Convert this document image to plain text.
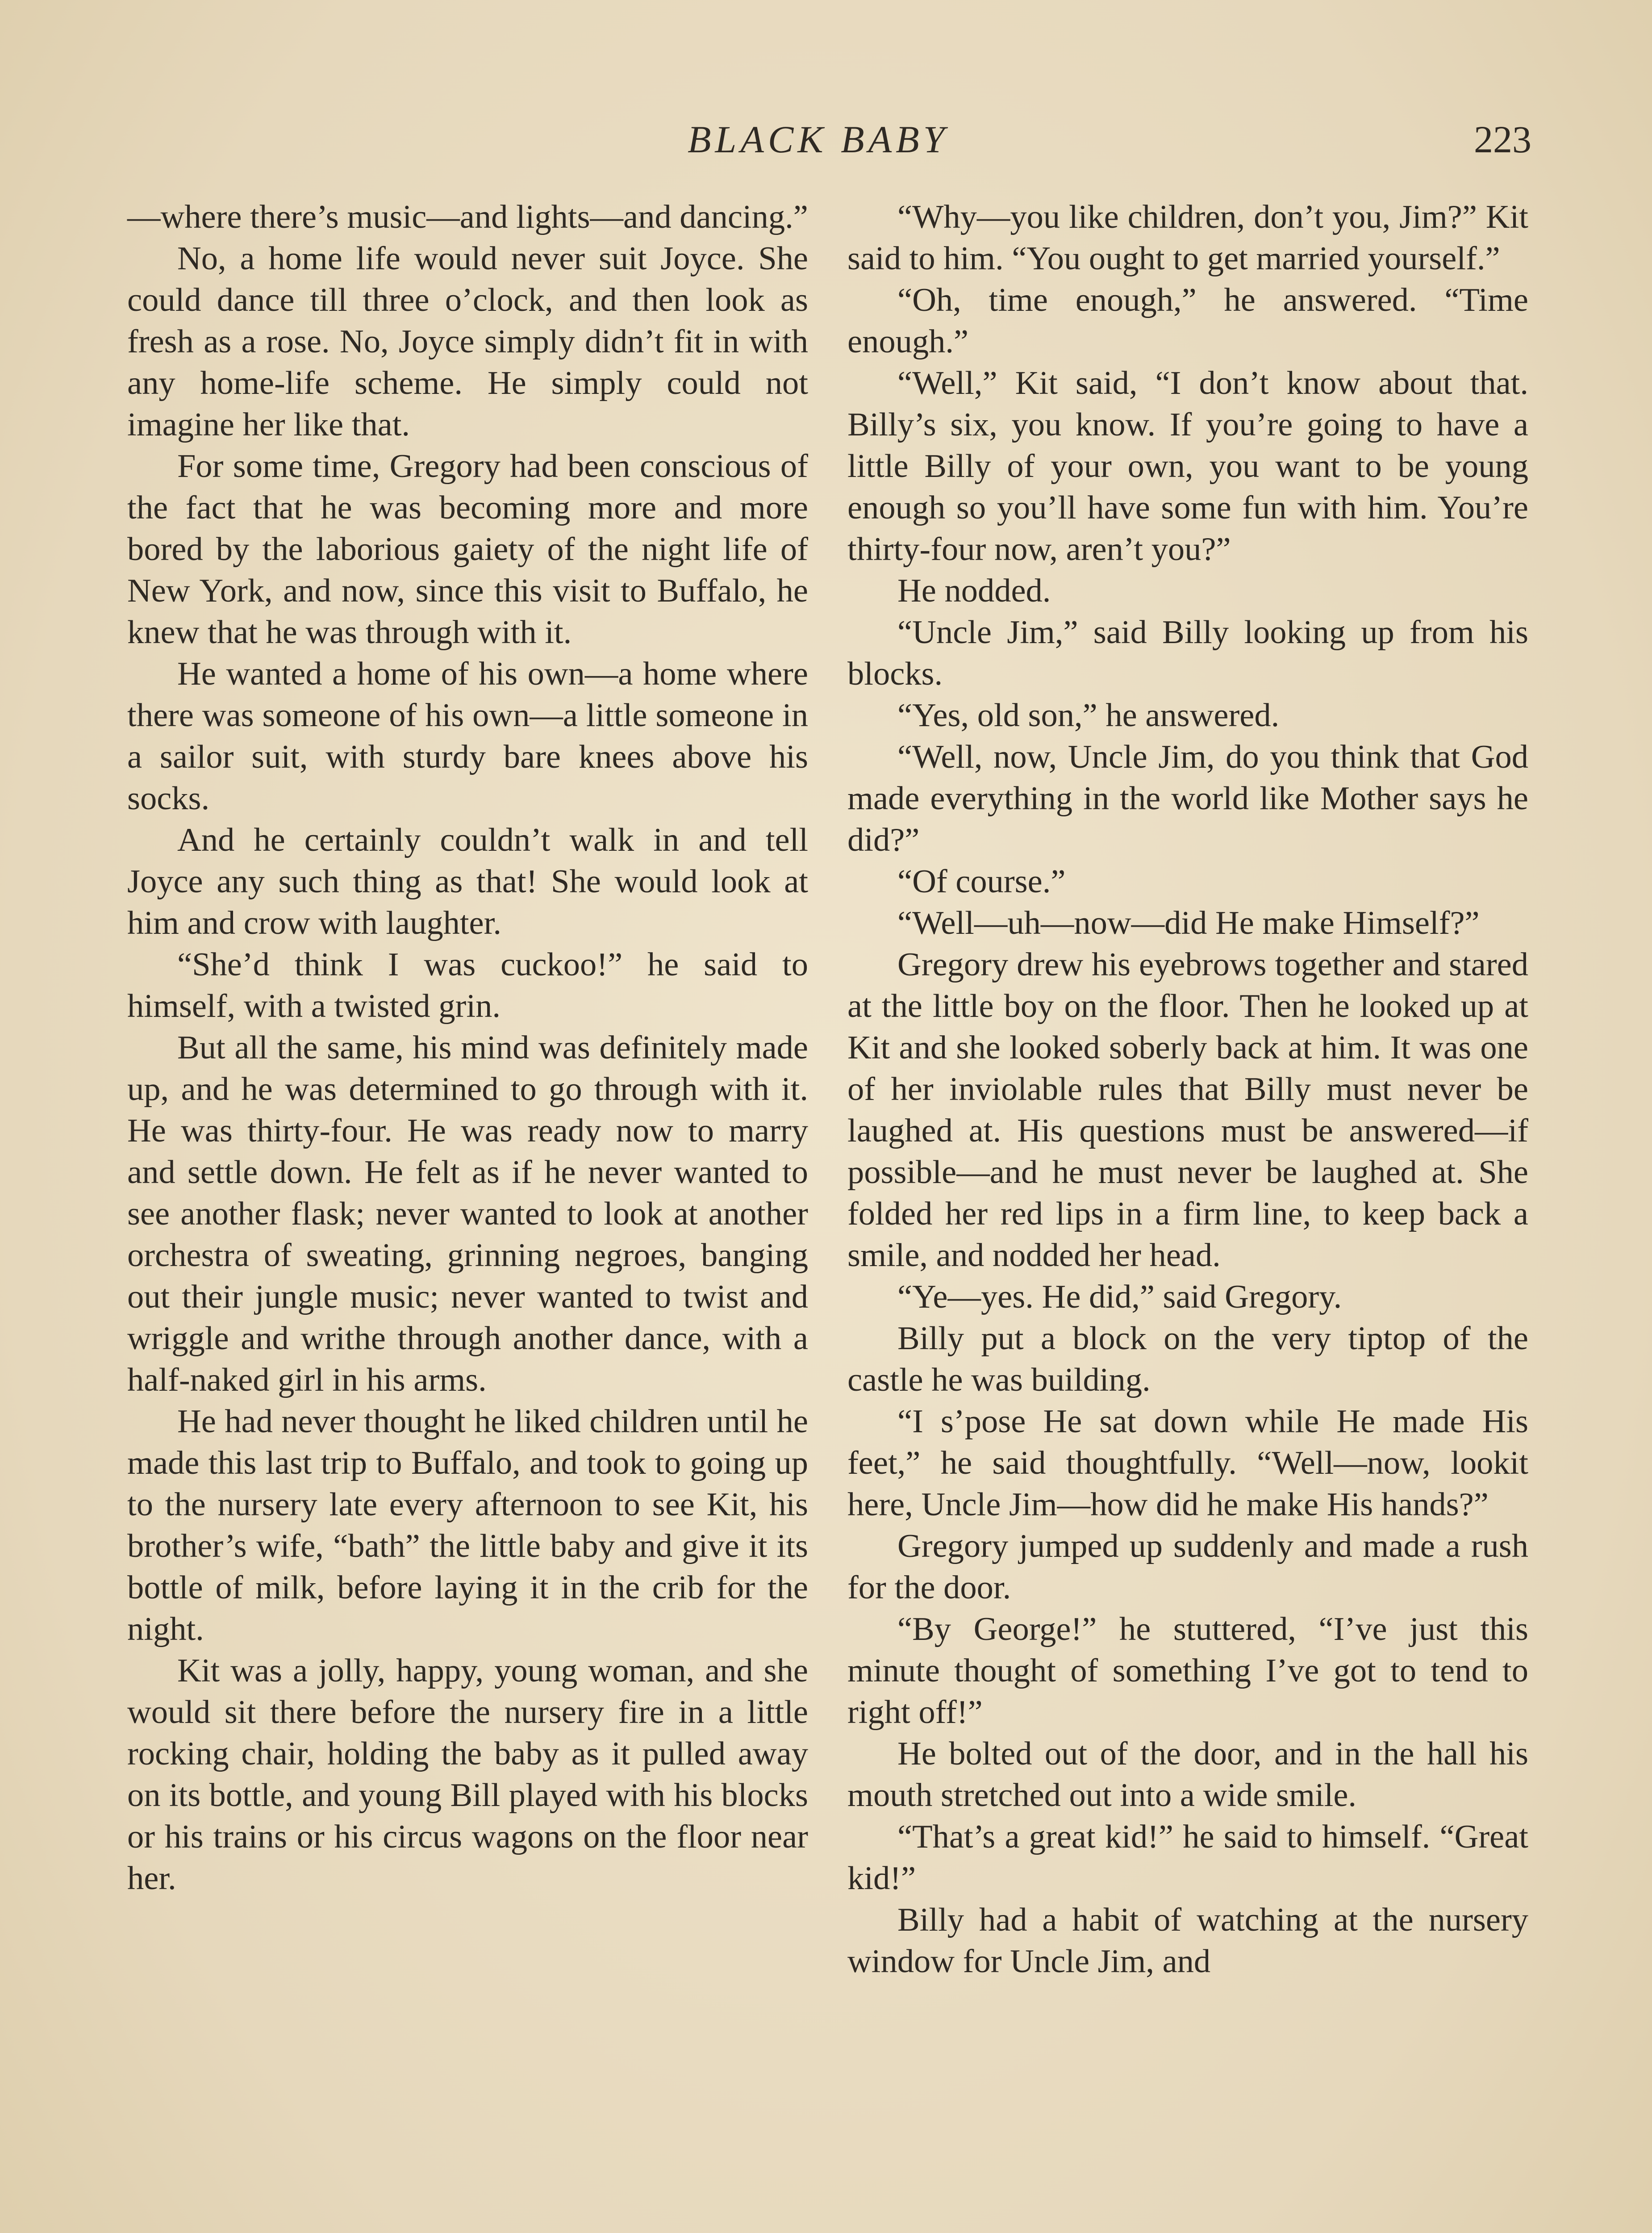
BLACK BABY	223

—where there’s music—and lights—and dancing.”

No, a home life would never suit Joyce. She could dance till three o’clock, and then look as fresh as a rose. No, Joyce simply didn’t fit in with any home-life scheme. He simply could not imagine her like that.

For some time, Gregory had been conscious of the fact that he was becoming more and more bored by the laborious gaiety of the night life of New York, and now, since this visit to Buffalo, he knew that he was through with it.

He wanted a home of his own—a home where there was someone of his own—a little someone in a sailor suit, with sturdy bare knees above his socks.

And he certainly couldn’t walk in and tell Joyce any such thing as that! She would look at him and crow with laughter.

“She’d think I was cuckoo!” he said to himself, with a twisted grin.

But all the same, his mind was definitely made up, and he was determined to go through with it. He was thirty-four. He was ready now to marry and settle down. He felt as if he never wanted to see another flask; never wanted to look at another orchestra of sweating, grinning negroes, banging out their jungle music; never wanted to twist and wriggle and writhe through another dance, with a half-naked girl in his arms.

He had never thought he liked children until he made this last trip to Buffalo, and took to going up to the nursery late every afternoon to see Kit, his brother’s wife, “bath” the little baby and give it its bottle of milk, before laying it in the crib for the night.

Kit was a jolly, happy, young woman, and she would sit there before the nursery fire in a little rocking chair, holding the baby as it pulled away on its bottle, and young Bill played with his blocks or his trains or his circus wagons on the floor near her.

“Why—you like children, don’t you, Jim?” Kit said to him. “You ought to get married yourself.”

“Oh, time enough,” he answered. “Time enough.”

“Well,” Kit said, “I don’t know about that. Billy’s six, you know. If you’re going to have a little Billy of your own, you want to be young enough so you’ll have some fun with him. You’re thirty-four now, aren’t you?”

He nodded.

“Uncle Jim,” said Billy looking up from his blocks.

“Yes, old son,” he answered.

“Well, now, Uncle Jim, do you think that God made everything in the world like Mother says he did?”

“Of course.”

“Well—uh—now—did He make Himself?”

Gregory drew his eyebrows together and stared at the little boy on the floor. Then he looked up at Kit and she looked soberly back at him. It was one of her inviolable rules that Billy must never be laughed at. His questions must be answered—if possible—and he must never be laughed at. She folded her red lips in a firm line, to keep back a smile, and nodded her head.

“Ye—yes. He did,” said Gregory.

Billy put a block on the very tiptop of the castle he was building.

“I s’pose He sat down while He made His feet,” he said thoughtfully. “Well—now, lookit here, Uncle Jim—how did he make His hands?”

Gregory jumped up suddenly and made a rush for the door.

“By George!” he stuttered, “I’ve just this minute thought of something I’ve got to tend to right off!”

He bolted out of the door, and in the hall his mouth stretched out into a wide smile.

“That’s a great kid!” he said to himself. “Great kid!”

Billy had a habit of watching at the nursery window for Uncle Jim, and
